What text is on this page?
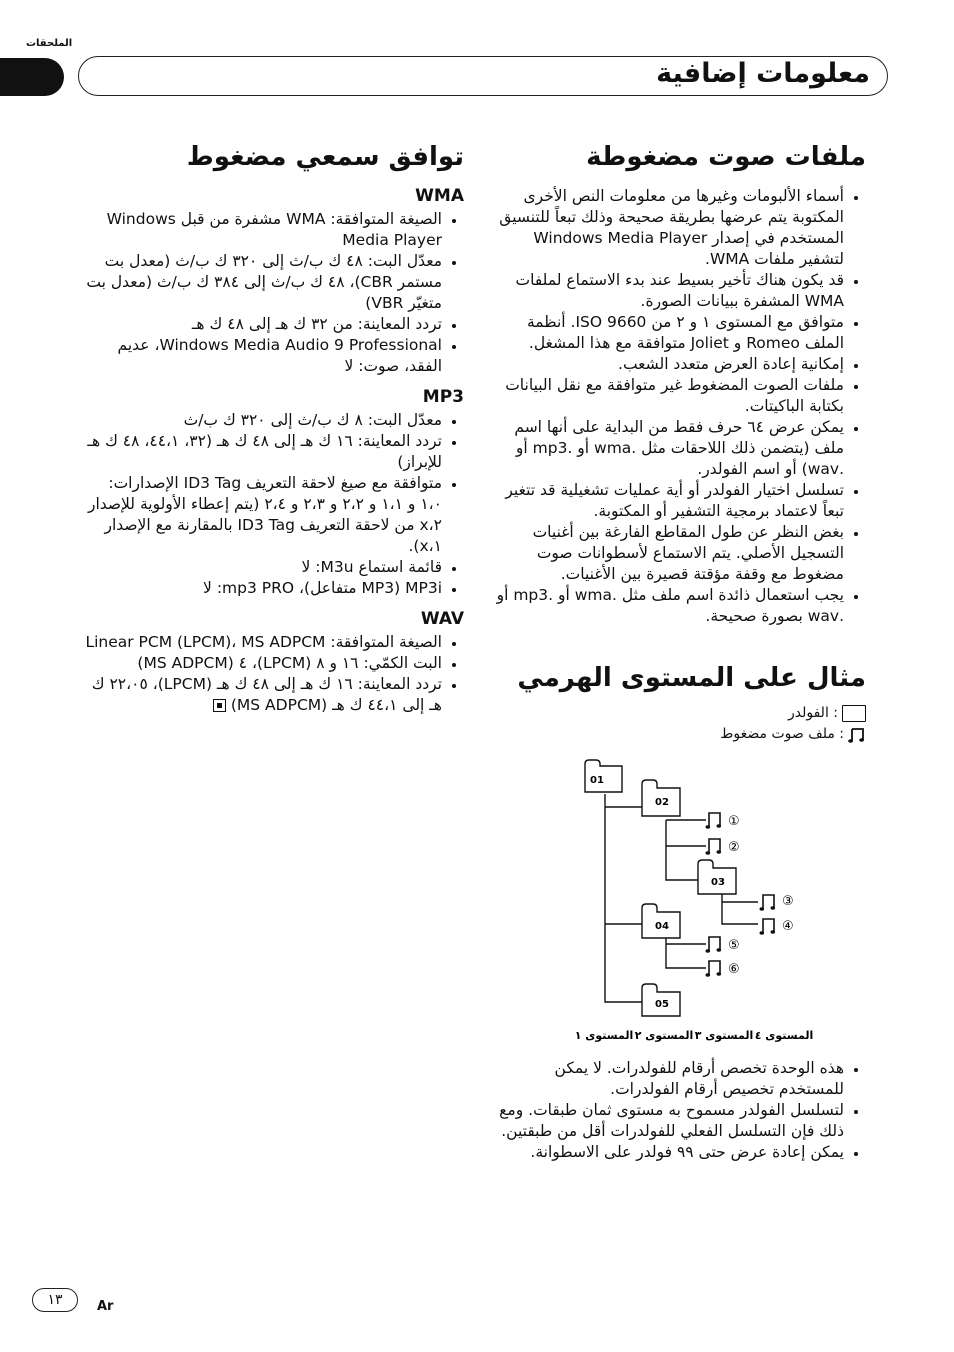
الملحقات
معلومات إضافية
ملفات صوت مضغوطة
• أسماء الألبومات وغيرها من معلومات النص الأخرى المكتوبة يتم عرضها بطريقة صحيحة وذلك تبعاً للتنسيق المستخدم في إصدار Windows Media Player لتشفير ملفات WMA.
• قد يكون هناك تأخير بسيط عند بدء الاستماع لملفات WMA المشفرة ببيانات الصورة.
• متوافق مع المستوى ١ و ٢ من ISO 9660. أنظمة الملف Romeo و Joliet متوافقة مع هذا المشغل.
• إمكانية إعادة العرض متعدد الشعب.
• ملفات الصوت المضغوط غير متوافقة مع نقل البيانات بكتابة الباكيتات.
• يمكن عرض ٦٤ حرف فقط من البداية على أنها اسم ملف (يتضمن ذلك اللاحقات مثل .wma أو .mp3 أو .wav) أو اسم الفولدر.
• تسلسل اختيار الفولدر أو أية عمليات تشغيلية قد تتغير تبعاً لاعتماد برمجية التشفير أو المكتوبة.
• بغض النظر عن طول المقاطع الفارغة بين أغنيات التسجيل الأصلي. يتم الاستماع لأسطوانات صوت مضغوط مع وقفة مؤقتة قصيرة بين الأغنيات.
• يجب استعمال ذائدة اسم ملف مثل .wma أو .mp3 أو .wav بصورة صحيحة.
مثال على المستوى الهرمي
: الفولدر
: ملف صوت مضغوط
01
02
03
04
05
①
②
③
④
⑤
⑥
المستوى ٤
المستوى ٣
المستوى ٢
المستوى ١
• هذه الوحدة تخصص أرقام للفولدرات. لا يمكن للمستخدم تخصيص أرقام الفولدرات.
• لتسلسل الفولدر مسموح به مستوى ثمان طبقات. ومع ذلك فإن التسلسل الفعلي للفولدرات أقل من طبقتين.
• يمكن إعادة عرض حتى ٩٩ فولدر على الاسطوانة.
توافق سمعي مضغوط
WMA
• الصيغة المتوافقة: WMA مشفرة من قبل Windows Media Player
• معدّل البت: ٤٨ ك ب/ث إلى ٣٢٠ ك ب/ث (معدل بت مستمر CBR)، ٤٨ ك ب/ث إلى ٣٨٤ ك ب/ث (معدل بت متغيّر VBR)
• تردد المعاينة: من ٣٢ ك هـ إلى ٤٨ ك هـ
• Windows Media Audio 9 Professional، عديم الفقد، صوت: لا
MP3
• معدّل البت: ٨ ك ب/ث إلى ٣٢٠ ك ب/ث
• تردد المعاينة: ١٦ ك هـ إلى ٤٨ ك هـ (٣٢، ٤٤،١، ٤٨ ك هـ للإبراز)
• متوافقة مع صيغ لاحقة التعريف ID3 Tag الإصدارات: ١،٠ و ١،١ و ٢،٢ و ٢،٣ و ٢،٤ (يتم إعطاء الأولوية للإصدار ٢،x من لاحقة التعريف ID3 Tag بالمقارنة مع الإصدار ١،x).
• قائمة استماع M3u: لا
• MP3i (MP3 متفاعل)، mp3 PRO: لا
WAV
• الصيغة المتوافقة: Linear PCM (LPCM)، MS ADPCM
• البت الكمّي: ١٦ و ٨ (LPCM)، ٤ (MS ADPCM)
• تردد المعاينة: ١٦ ك هـ إلى ٤٨ ك هـ (LPCM)، ٢٢،٠٥ ك هـ إلى ٤٤،١ ك هـ (MS ADPCM)
١٣	Ar
